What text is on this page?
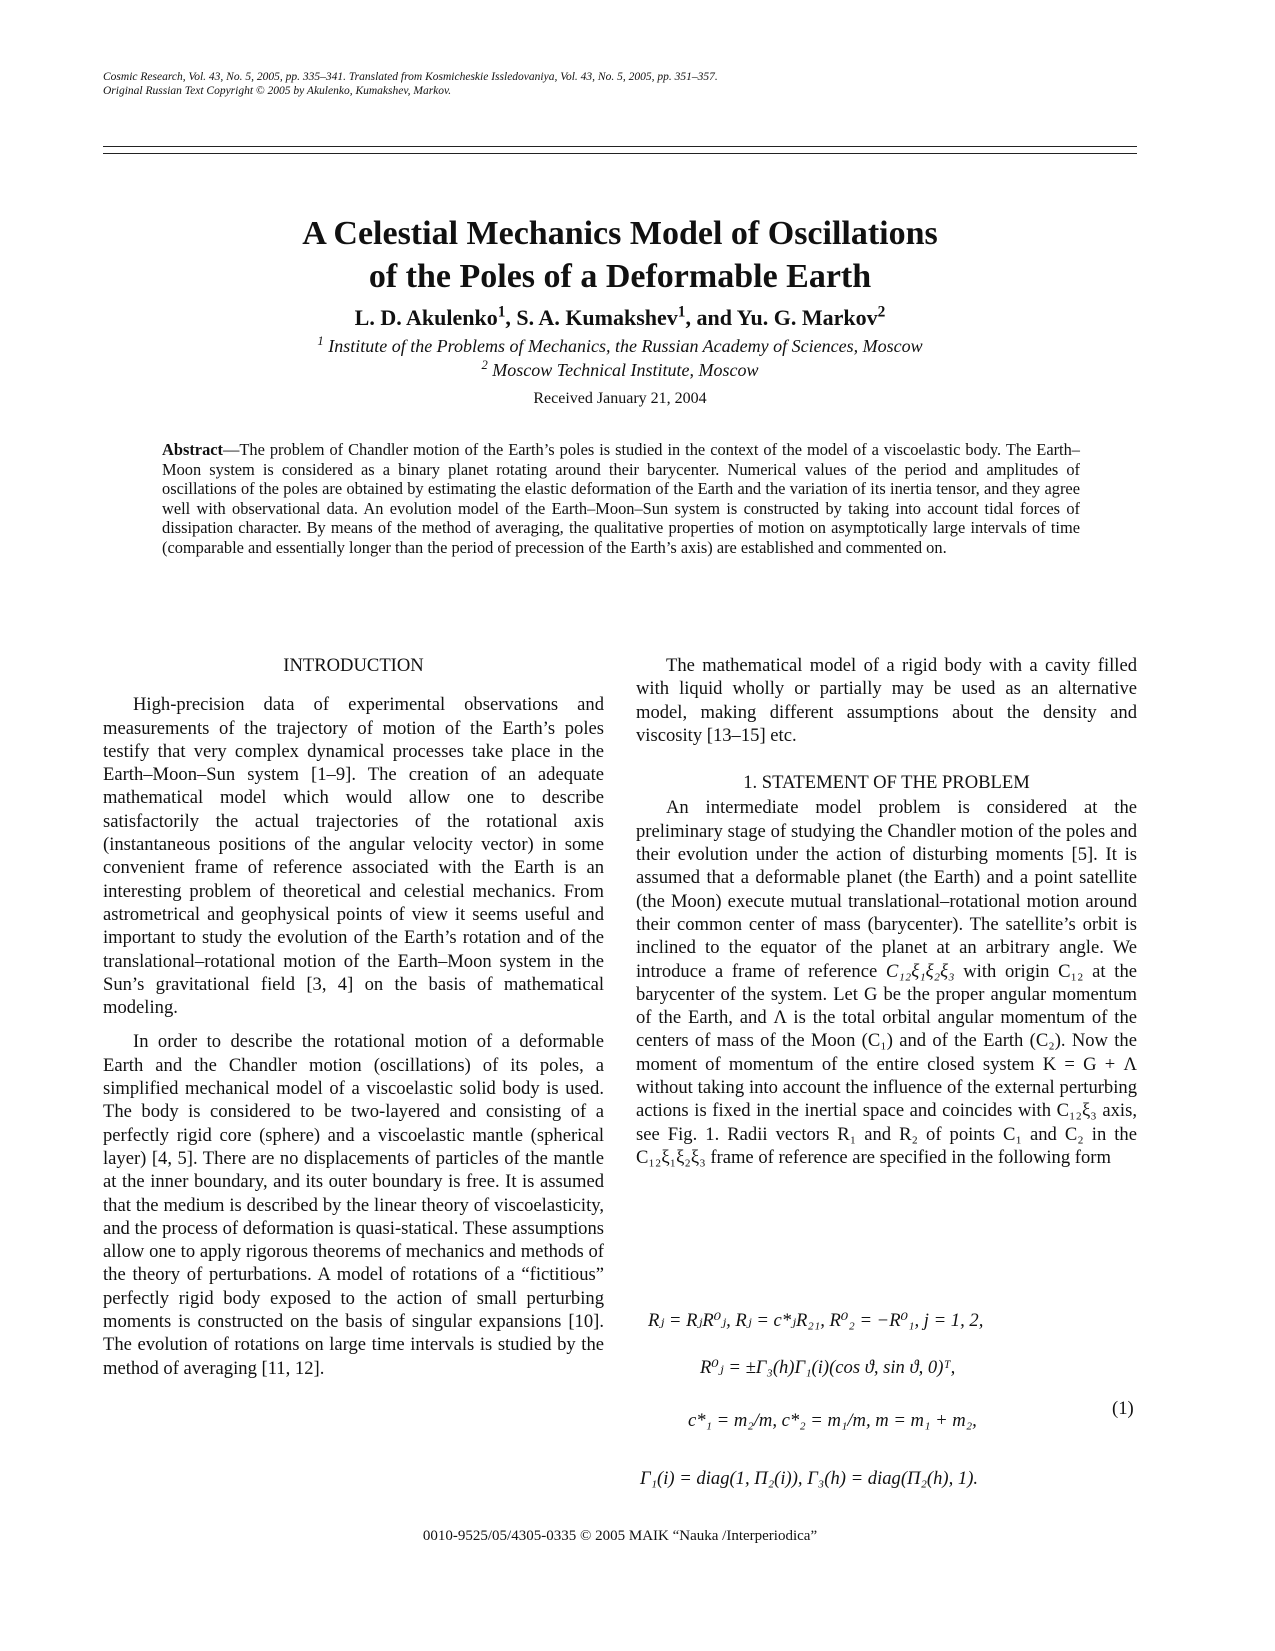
Cosmic Research, Vol. 43, No. 5, 2005, pp. 335–341. Translated from Kosmicheskie Issledovaniya, Vol. 43, No. 5, 2005, pp. 351–357.
Original Russian Text Copyright © 2005 by Akulenko, Kumakshev, Markov.
A Celestial Mechanics Model of Oscillations
of the Poles of a Deformable Earth
L. D. Akulenko$^1$, S. A. Kumakshev$^1$, and Yu. G. Markov$^2$
$^1$ Institute of the Problems of Mechanics, the Russian Academy of Sciences, Moscow
$^2$ Moscow Technical Institute, Moscow
Received January 21, 2004
Abstract—The problem of Chandler motion of the Earth’s poles is studied in the context of the model of a viscoelastic body. The Earth–Moon system is considered as a binary planet rotating around their barycenter. Numerical values of the period and amplitudes of oscillations of the poles are obtained by estimating the elastic deformation of the Earth and the variation of its inertia tensor, and they agree well with observational data. An evolution model of the Earth–Moon–Sun system is constructed by taking into account tidal forces of dissipation character. By means of the method of averaging, the qualitative properties of motion on asymptotically large intervals of time (comparable and essentially longer than the period of precession of the Earth’s axis) are established and commented on.
INTRODUCTION

High-precision data of experimental observations and measurements of the trajectory of motion of the Earth’s poles testify that very complex dynamical processes take place in the Earth–Moon–Sun system [1–9]. The creation of an adequate mathematical model which would allow one to describe satisfactorily the actual trajectories of the rotational axis (instantaneous positions of the angular velocity vector) in some convenient frame of reference associated with the Earth is an interesting problem of theoretical and celestial mechanics. From astrometrical and geophysical points of view it seems useful and important to study the evolution of the Earth’s rotation and of the translational–rotational motion of the Earth–Moon system in the Sun’s gravitational field [3, 4] on the basis of mathematical modeling.

In order to describe the rotational motion of a deformable Earth and the Chandler motion (oscillations) of its poles, a simplified mechanical model of a viscoelastic solid body is used. The body is considered to be two-layered and consisting of a perfectly rigid core (sphere) and a viscoelastic mantle (spherical layer) [4, 5]. There are no displacements of particles of the mantle at the inner boundary, and its outer boundary is free. It is assumed that the medium is described by the linear theory of viscoelasticity, and the process of deformation is quasi-statical. These assumptions allow one to apply rigorous theorems of mechanics and methods of the theory of perturbations. A model of rotations of a “fictitious” perfectly rigid body exposed to the action of small perturbing moments is constructed on the basis of singular expansions [10]. The evolution of rotations on large time intervals is studied by the method of averaging [11, 12].

The mathematical model of a rigid body with a cavity filled with liquid wholly or partially may be used as an alternative model, making different assumptions about the density and viscosity [13–15] etc.

1. STATEMENT OF THE PROBLEM

An intermediate model problem is considered at the preliminary stage of studying the Chandler motion of the poles and their evolution under the action of disturbing moments [5]. It is assumed that a deformable planet (the Earth) and a point satellite (the Moon) execute mutual translational–rotational motion around their common center of mass (barycenter). The satellite’s orbit is inclined to the equator of the planet at an arbitrary angle. We introduce a frame of reference C₁₂ξ₁ξ₂ξ₃ with origin C₁₂ at the barycenter of the system. Let G be the proper angular momentum of the Earth, and Λ is the total orbital angular momentum of the centers of mass of the Moon (C₁) and of the Earth (C₂). Now the moment of momentum of the entire closed system K = G + Λ without taking into account the influence of the external perturbing actions is fixed in the inertial space and coincides with C₁₂ξ₃ axis, see Fig. 1. Radii vectors R₁ and R₂ of points C₁ and C₂ in the C₁₂ξ₁ξ₂ξ₃ frame of reference are specified in the following form

Rⱼ = RⱼR⁰ⱼ, Rⱼ = c*ⱼR₂₁, R⁰₂ = −R⁰₁, j = 1, 2,
R⁰ⱼ = ±Γ₃(h)Γ₁(i)(cos ϑ, sin ϑ, 0)ᵀ,
c*₁ = m₂/m, c*₂ = m₁/m, m = m₁ + m₂,
(1)
Γ₁(i) = diag(1, Π₂(i)), Γ₃(h) = diag(Π₂(h), 1).
0010-9525/05/4305-0335 © 2005 MAIK “Nauka /Interperiodica”
